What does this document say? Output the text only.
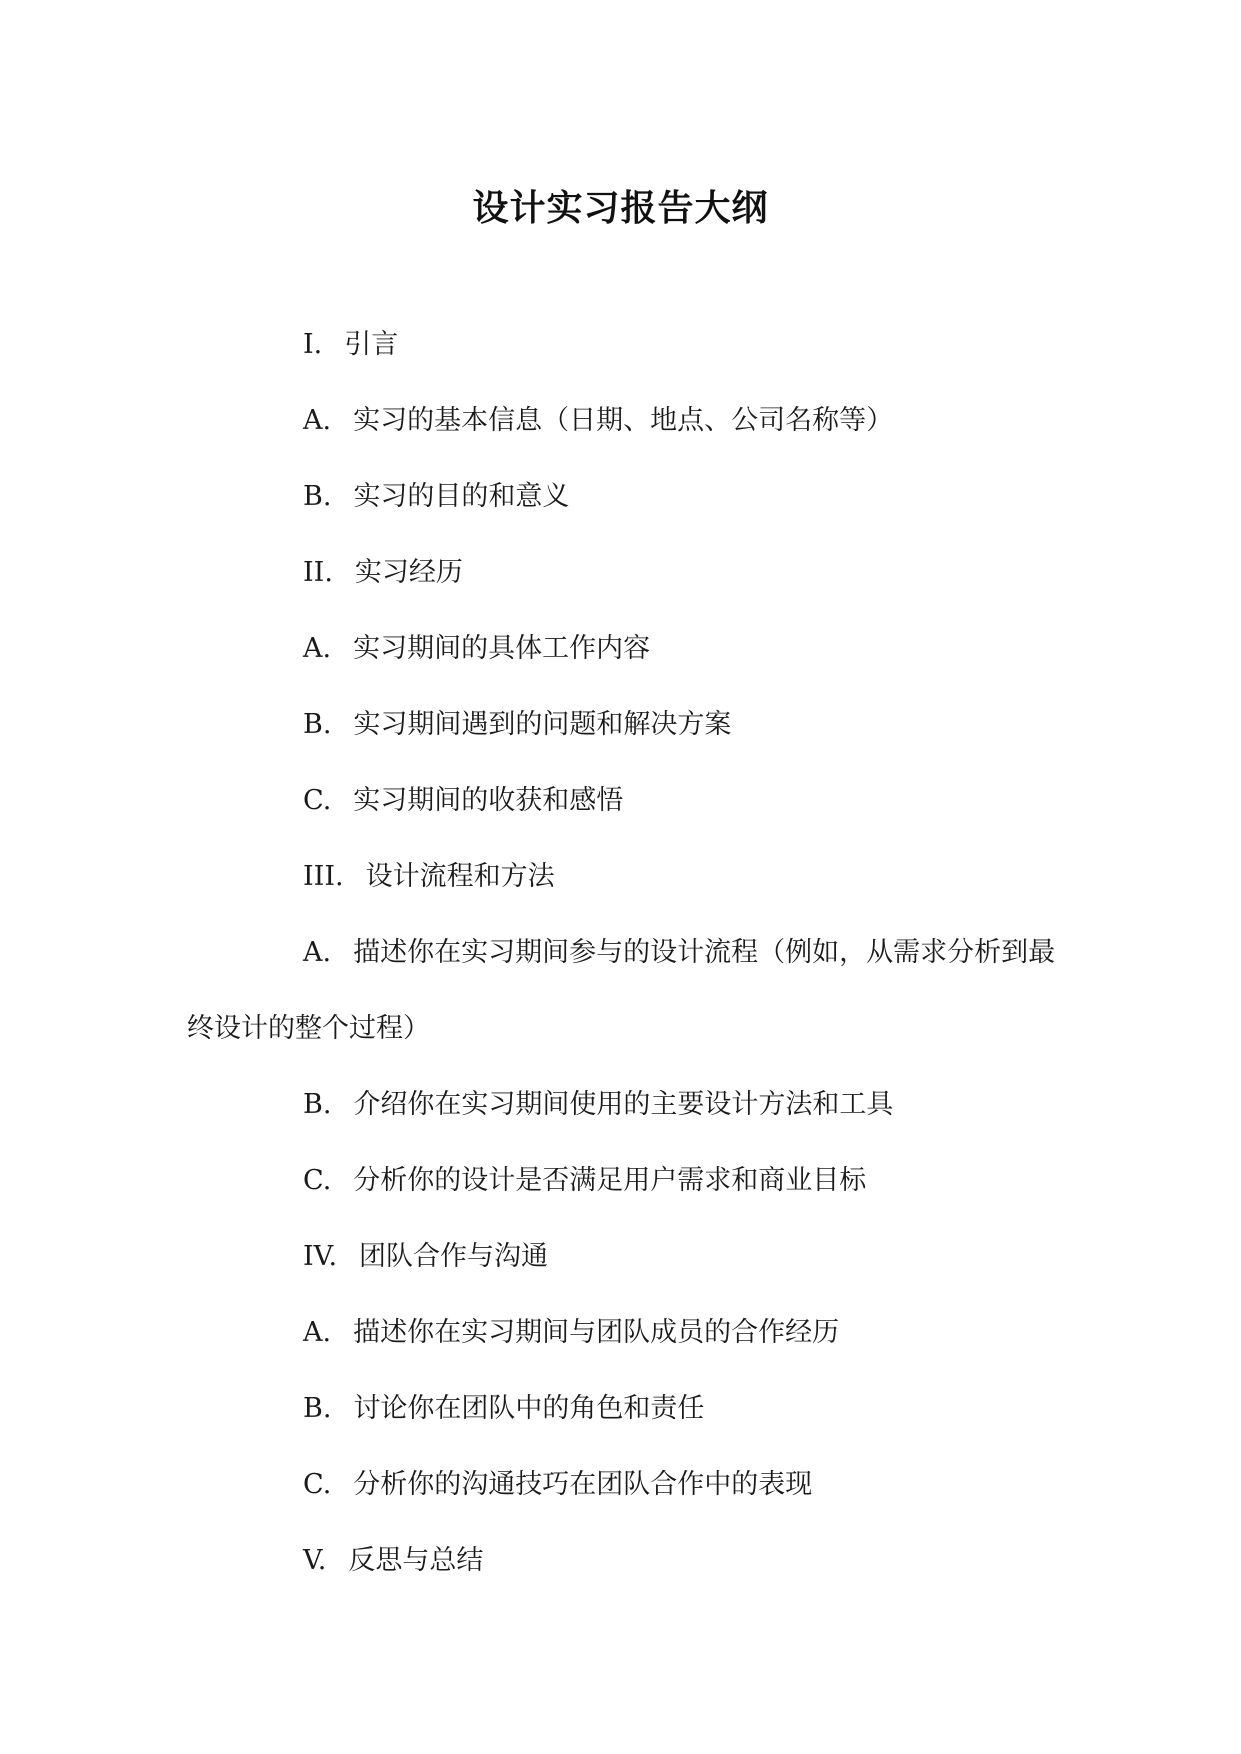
设计实习报告大纲
I. 引言
A. 实习的基本信息（日期、地点、公司名称等）
B. 实习的目的和意义
II. 实习经历
A. 实习期间的具体工作内容
B. 实习期间遇到的问题和解决方案
C. 实习期间的收获和感悟
III. 设计流程和方法
A. 描述你在实习期间参与的设计流程（例如，从需求分析到最终设计的整个过程）
B. 介绍你在实习期间使用的主要设计方法和工具
C. 分析你的设计是否满足用户需求和商业目标
IV. 团队合作与沟通
A. 描述你在实习期间与团队成员的合作经历
B. 讨论你在团队中的角色和责任
C. 分析你的沟通技巧在团队合作中的表现
V. 反思与总结
